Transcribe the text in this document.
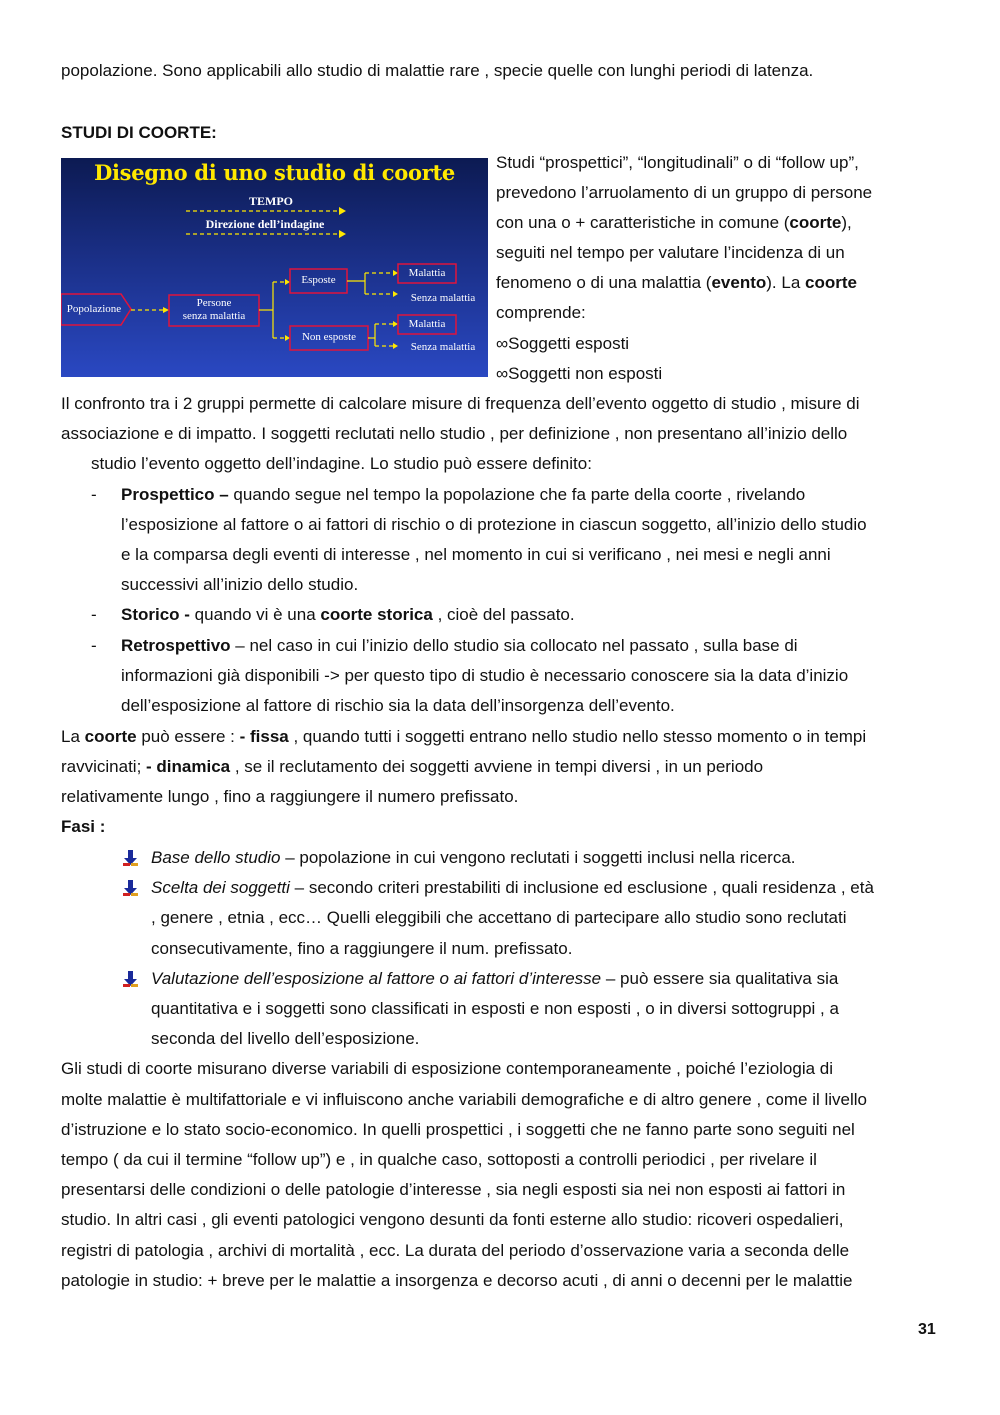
popolazione. Sono applicabili allo studio di malattie rare , specie quelle con lunghi periodi di latenza.
STUDI DI COORTE:
Disegno di uno studio di coorte
TEMPO
Direzione dell’indagine
Popolazione	Persone
senza malattia
Esposte
Non esposte
Malattia
Senza malattia
Malattia
Senza malattia
Studi “prospettici”, “longitudinali” o di “follow up”,
prevedono l’arruolamento di un gruppo di persone
con una o + caratteristiche in comune (coorte),
seguiti nel tempo per valutare l’incidenza di un
fenomeno o di una malattia (evento). La coorte
comprende:
∞Soggetti esposti
∞Soggetti non esposti
Il confronto tra i 2 gruppi permette di calcolare misure di frequenza dell’evento oggetto di studio , misure di
associazione e di impatto. I soggetti reclutati nello studio , per definizione , non presentano all’inizio dello
studio l’evento oggetto dell’indagine. Lo studio può essere definito:
- Prospettico – quando segue nel tempo la popolazione che fa parte della coorte , rivelando
l’esposizione al fattore o ai fattori di rischio o di protezione in ciascun soggetto, all’inizio dello studio
e la comparsa degli eventi di interesse , nel momento in cui si verificano , nei mesi e negli anni
successivi all’inizio dello studio.
- Storico - quando vi è una coorte storica , cioè del passato.
- Retrospettivo – nel caso in cui l’inizio dello studio sia collocato nel passato , sulla base di
informazioni già disponibili -> per questo tipo di studio è necessario conoscere sia la data d’inizio
dell’esposizione al fattore di rischio sia la data dell’insorgenza dell’evento.
La coorte può essere : - fissa , quando tutti i soggetti entrano nello studio nello stesso momento o in tempi
ravvicinati; - dinamica , se il reclutamento dei soggetti avviene in tempi diversi , in un periodo
relativamente lungo , fino a raggiungere il numero prefissato.
Fasi :
Base dello studio – popolazione in cui vengono reclutati i soggetti inclusi nella ricerca.
Scelta dei soggetti – secondo criteri prestabiliti di inclusione ed esclusione , quali residenza , età
, genere , etnia , ecc… Quelli eleggibili che accettano di partecipare allo studio sono reclutati
consecutivamente, fino a raggiungere il num. prefissato.
Valutazione dell’esposizione al fattore o ai fattori d’interesse – può essere sia qualitativa sia
quantitativa e i soggetti sono classificati in esposti e non esposti , o in diversi sottogruppi , a
seconda del livello dell’esposizione.
Gli studi di coorte misurano diverse variabili di esposizione contemporaneamente , poiché l’eziologia di
molte malattie è multifattoriale e vi influiscono anche variabili demografiche e di altro genere , come il livello
d’istruzione e lo stato socio-economico. In quelli prospettici , i soggetti che ne fanno parte sono seguiti nel
tempo ( da cui il termine “follow up”) e , in qualche caso, sottoposti a controlli periodici , per rivelare il
presentarsi delle condizioni o delle patologie d’interesse , sia negli esposti sia nei non esposti ai fattori in
studio. In altri casi , gli eventi patologici vengono desunti da fonti esterne allo studio: ricoveri ospedalieri,
registri di patologia , archivi di mortalità , ecc. La durata del periodo d’osservazione varia a seconda delle
patologie in studio: + breve per le malattie a insorgenza e decorso acuti , di anni o decenni per le malattie
31
